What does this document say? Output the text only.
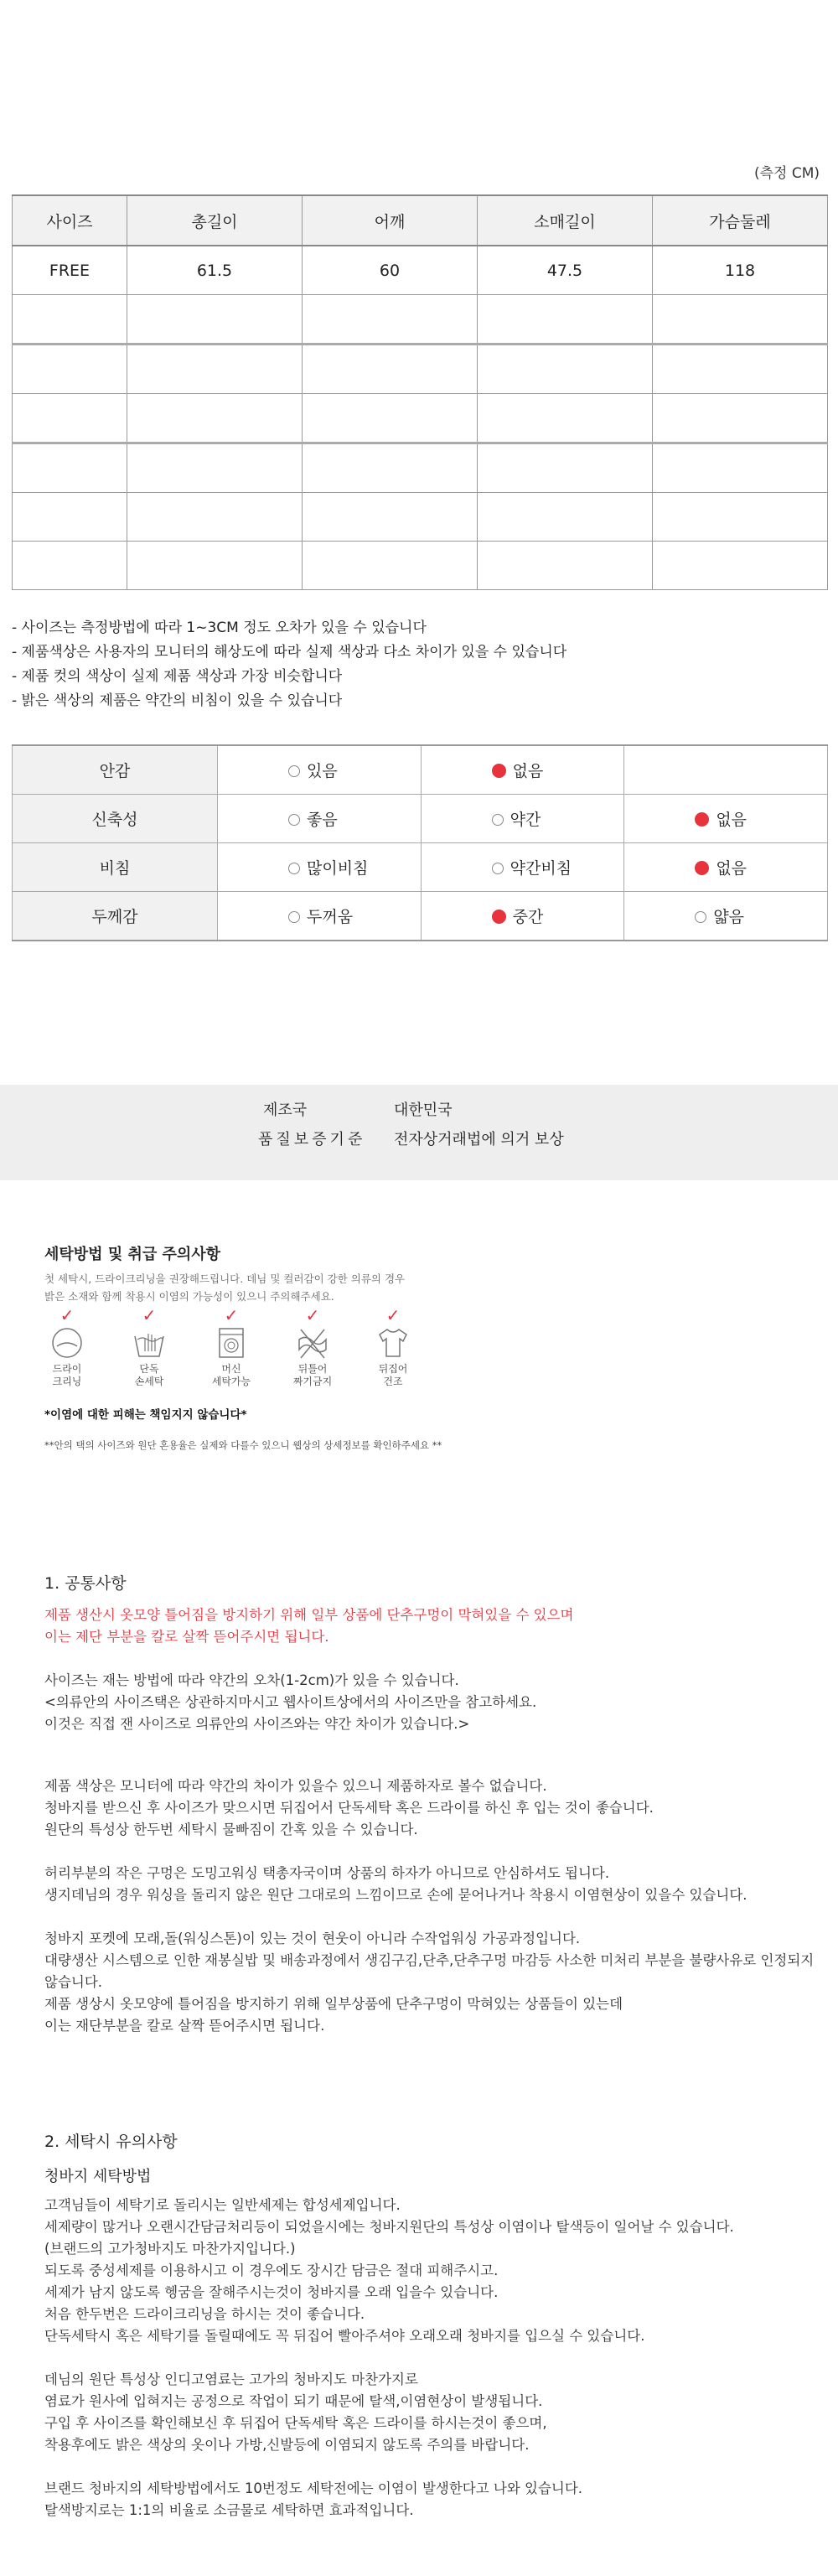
(측정 CM)
사이즈	총길이	어깨	소매길이	가슴둘레
FREE	61.5	60	47.5	118

- 사이즈는 측정방법에 따라 1~3CM 정도 오차가 있을 수 있습니다
- 제품색상은 사용자의 모니터의 해상도에 따라 실제 색상과 다소 차이가 있을 수 있습니다
- 제품 컷의 색상이 실제 제품 색상과 가장 비슷합니다
- 밝은 색상의 제품은 약간의 비침이 있을 수 있습니다
안감	있음	없음	
신축성	좋음	약간	없음
비침	많이비침	약간비침	없음
두께감	두꺼움	중간	얇음
제조국	대한민국
품질보증기준 전자상거래법에 의거 보상
세탁방법 및 취급 주의사항
첫 세탁시, 드라이크리닝을 권장해드립니다. 데님 및 컬러감이 강한 의류의 경우
밝은 소재와 함께 착용시 이염의 가능성이 있으니 주의해주세요.
✓
드라이
크리닝
✓
단독
손세탁
✓
머신
세탁가능
✓
뒤틀어
짜기금지
✓
뒤집어
건조
*이염에 대한 피해는 책임지지 않습니다*
**안의 택의 사이즈와 원단 혼용율은 실제와 다를수 있으니 웹상의 상세정보를 확인하주세요 **
1. 공통사항
제품 생산시 옷모양 틀어짐을 방지하기 위해 일부 상품에 단추구멍이 막혀있을 수 있으며
이는 제단 부분을 칼로 살짝 뜯어주시면 됩니다.
사이즈는 재는 방법에 따라 약간의 오차(1-2cm)가 있을 수 있습니다.
<의류안의 사이즈택은 상관하지마시고 웹사이트상에서의 사이즈만을 참고하세요.
이것은 직접 잰 사이즈로 의류안의 사이즈와는 약간 차이가 있습니다.>
제품 색상은 모니터에 따라 약간의 차이가 있을수 있으니 제품하자로 볼수 없습니다.
청바지를 받으신 후 사이즈가 맞으시면 뒤집어서 단독세탁 혹은 드라이를 하신 후 입는 것이 좋습니다.
원단의 특성상 한두번 세탁시 물빠짐이 간혹 있을 수 있습니다.
허리부분의 작은 구멍은 도밍고워싱 택총자국이며 상품의 하자가 아니므로 안심하셔도 됩니다.
생지데님의 경우 워싱을 돌리지 않은 원단 그대로의 느낌이므로 손에 묻어나거나 착용시 이염현상이 있을수 있습니다.
청바지 포켓에 모래,돌(워싱스톤)이 있는 것이 현웃이 아니라 수작업워싱 가공과정입니다.
대량생산 시스템으로 인한 재봉실밥 및 배송과정에서 생김구김,단추,단추구멍 마감등 사소한 미처리 부분을 불량사유로 인정되지 않습니다.
제품 생상시 옷모양에 틀어짐을 방지하기 위해 일부상품에 단추구멍이 막혀있는 상품들이 있는데
이는 재단부분을 칼로 살짝 뜯어주시면 됩니다.
2. 세탁시 유의사항
청바지 세탁방법
고객님들이 세탁기로 돌리시는 일반세제는 합성세제입니다.
세제량이 많거나 오랜시간담금처리등이 되었을시에는 청바지원단의 특성상 이염이나 탈색등이 일어날 수 있습니다.
(브랜드의 고가청바지도 마찬가지입니다.)
되도록 중성세제를 이용하시고 이 경우에도 장시간 담금은 절대 피해주시고.
세제가 남지 않도록 헹굼을 잘해주시는것이 청바지를 오래 입을수 있습니다.
처음 한두번은 드라이크리닝을 하시는 것이 좋습니다.
단독세탁시 혹은 세탁기를 돌릴때에도 꼭 뒤집어 빨아주셔야 오래오래 청바지를 입으실 수 있습니다.
데님의 원단 특성상 인디고염료는 고가의 청바지도 마찬가지로
염료가 원사에 입혀지는 공정으로 작업이 되기 때문에 탈색,이염현상이 발생됩니다.
구입 후 사이즈를 확인해보신 후 뒤집어 단독세탁 혹은 드라이를 하시는것이 좋으며,
착용후에도 밝은 색상의 옷이나 가방,신발등에 이염되지 않도록 주의를 바랍니다.
브랜드 청바지의 세탁방법에서도 10번정도 세탁전에는 이염이 발생한다고 나와 있습니다.
탈색방지로는 1:1의 비율로 소금물로 세탁하면 효과적입니다.
